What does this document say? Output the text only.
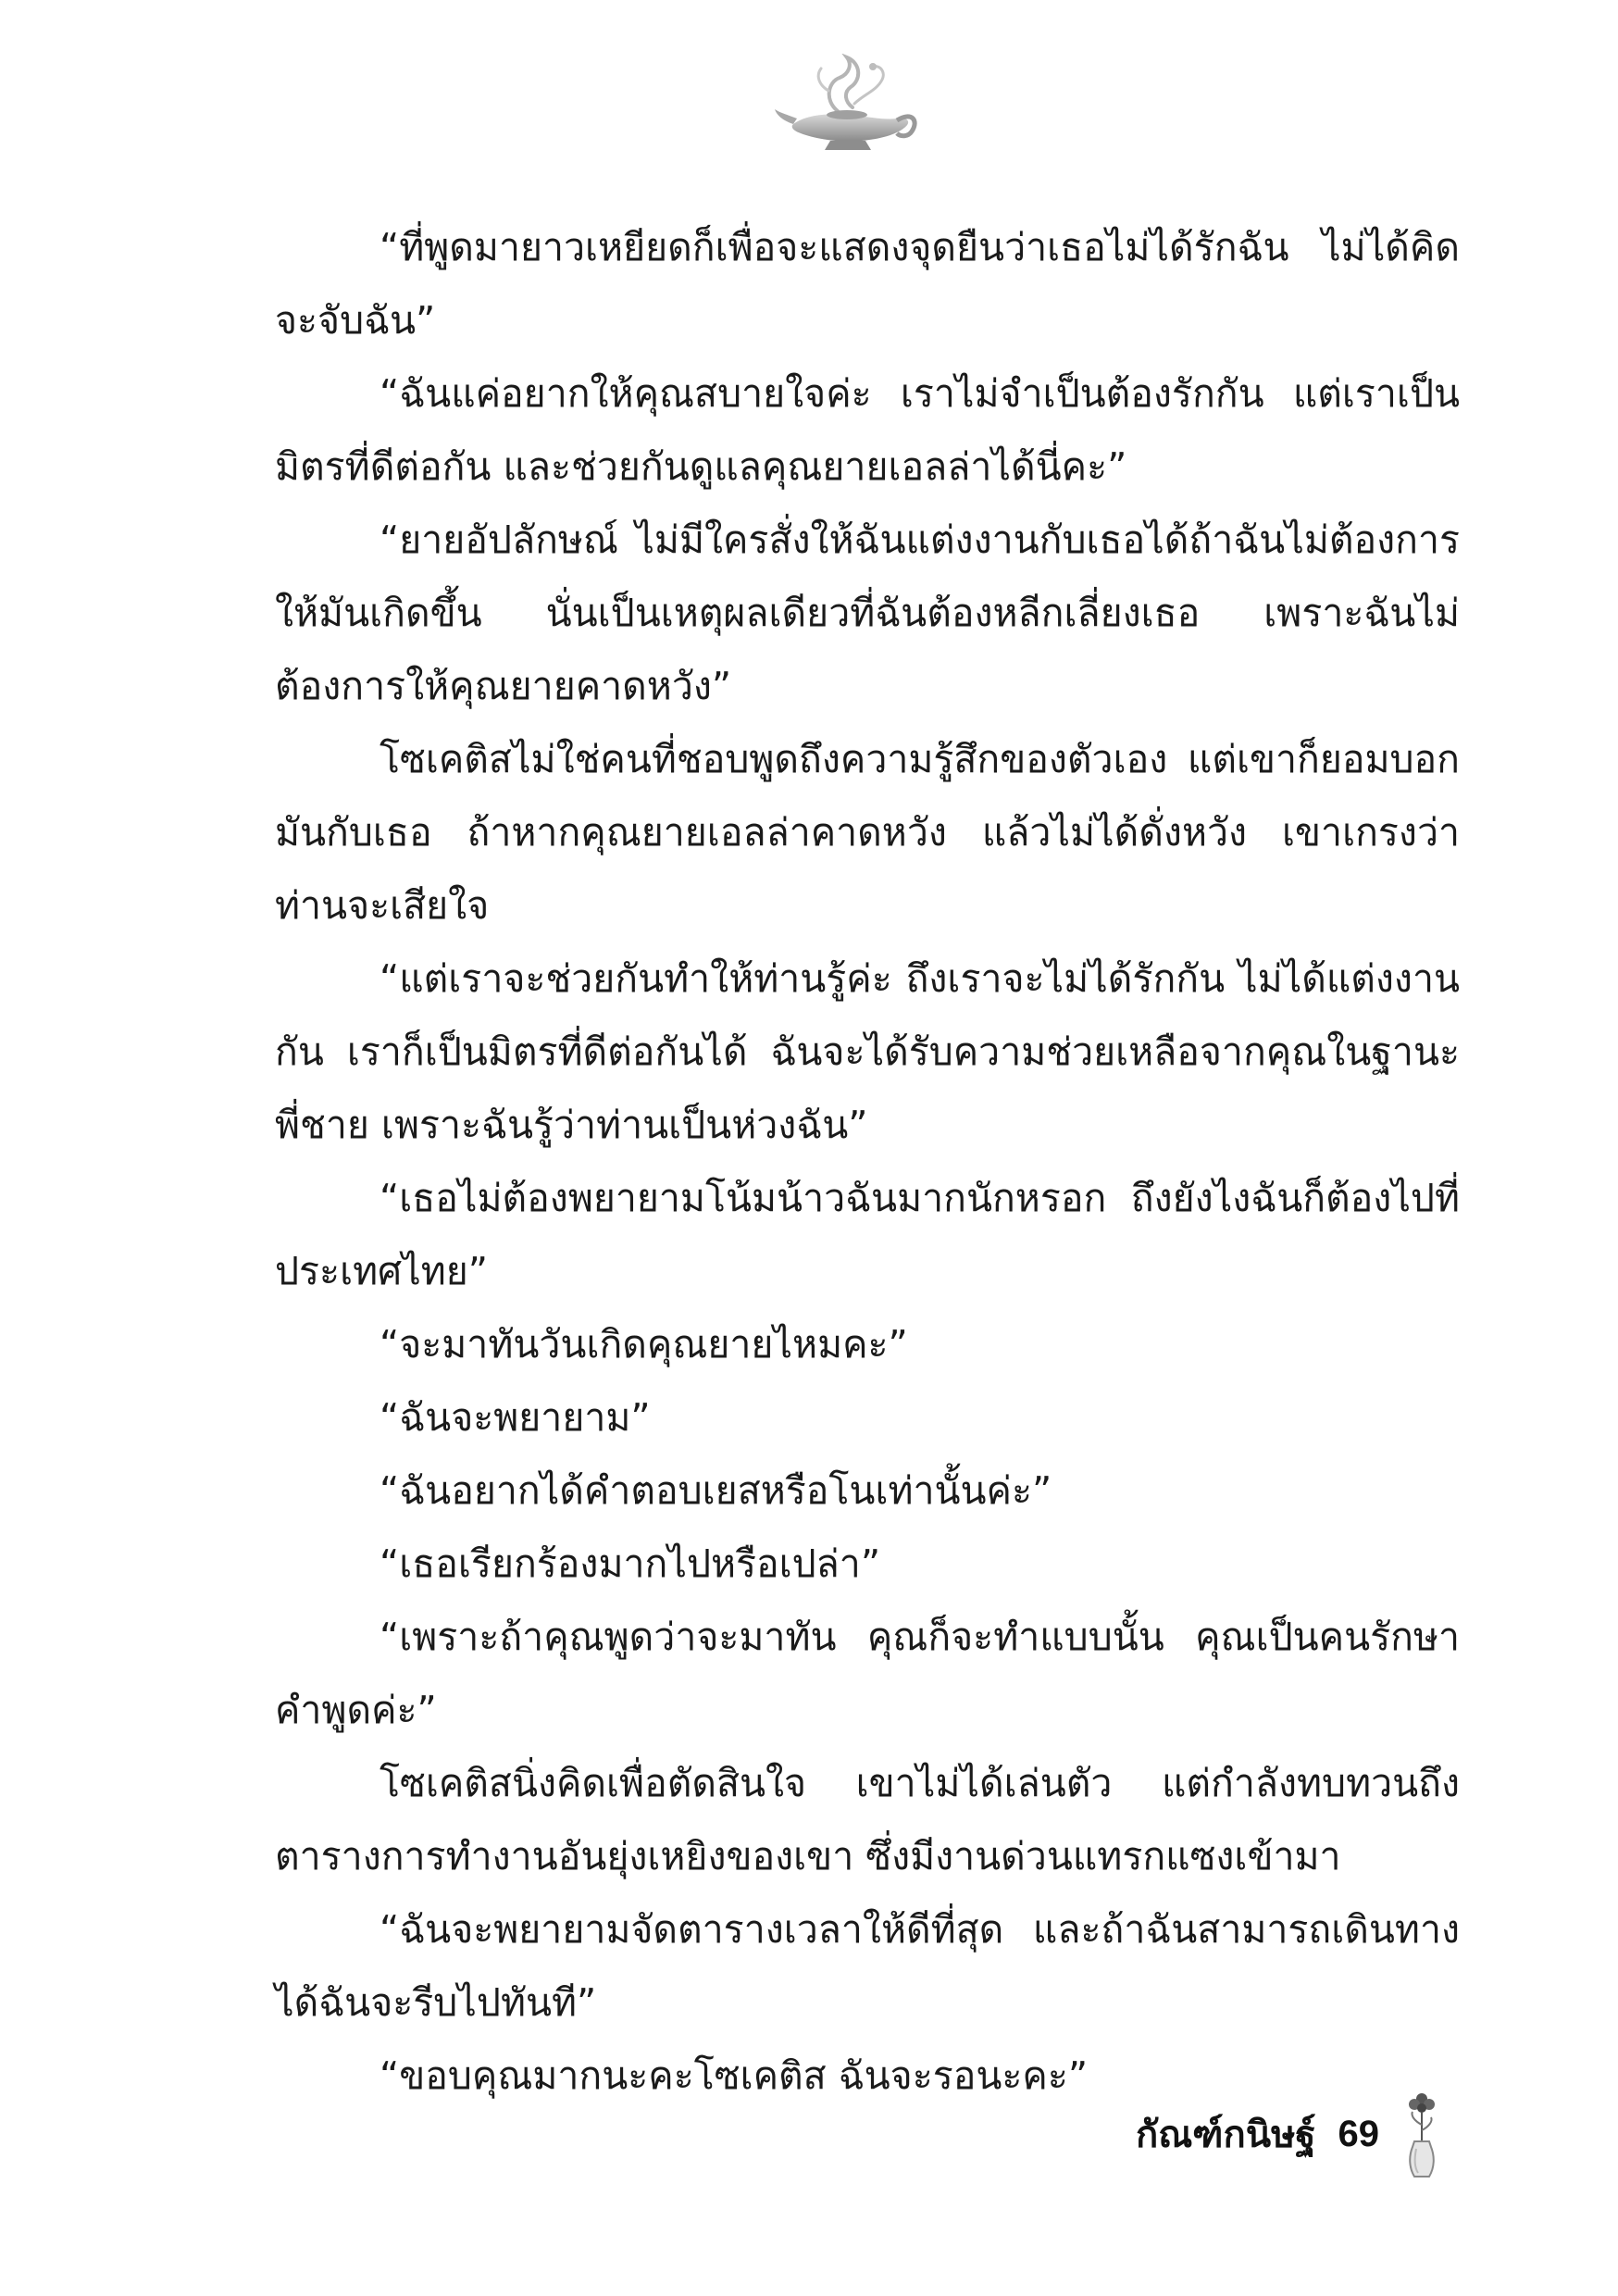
“ที่พูดมายาวเหยียดก็เพื่อจะแสดงจุดยืนว่าเธอไม่ได้รักฉัน ไม่ได้คิดจะจับฉัน”

“ฉันแค่อยากให้คุณสบายใจค่ะ เราไม่จำเป็นต้องรักกัน แต่เราเป็นมิตรที่ดีต่อกัน และช่วยกันดูแลคุณยายเอลล่าได้นี่คะ”

“ยายอัปลักษณ์ ไม่มีใครสั่งให้ฉันแต่งงานกับเธอได้ถ้าฉันไม่ต้องการให้มันเกิดขึ้น นั่นเป็นเหตุผลเดียวที่ฉันต้องหลีกเลี่ยงเธอ เพราะฉันไม่ต้องการให้คุณยายคาดหวัง”

โซเคติสไม่ใช่คนที่ชอบพูดถึงความรู้สึกของตัวเอง แต่เขาก็ยอมบอกมันกับเธอ ถ้าหากคุณยายเอลล่าคาดหวัง แล้วไม่ได้ดั่งหวัง เขาเกรงว่าท่านจะเสียใจ

“แต่เราจะช่วยกันทำให้ท่านรู้ค่ะ ถึงเราจะไม่ได้รักกัน ไม่ได้แต่งงานกัน เราก็เป็นมิตรที่ดีต่อกันได้ ฉันจะได้รับความช่วยเหลือจากคุณในฐานะพี่ชาย เพราะฉันรู้ว่าท่านเป็นห่วงฉัน”

“เธอไม่ต้องพยายามโน้มน้าวฉันมากนักหรอก ถึงยังไงฉันก็ต้องไปที่ประเทศไทย”

“จะมาทันวันเกิดคุณยายไหมคะ”

“ฉันจะพยายาม”

“ฉันอยากได้คำตอบเยสหรือโนเท่านั้นค่ะ”

“เธอเรียกร้องมากไปหรือเปล่า”

“เพราะถ้าคุณพูดว่าจะมาทัน คุณก็จะทำแบบนั้น คุณเป็นคนรักษาคำพูดค่ะ”

โซเคติสนิ่งคิดเพื่อตัดสินใจ เขาไม่ได้เล่นตัว แต่กำลังทบทวนถึงตารางการทำงานอันยุ่งเหยิงของเขา ซึ่งมีงานด่วนแทรกแซงเข้ามา

“ฉันจะพยายามจัดตารางเวลาให้ดีที่สุด และถ้าฉันสามารถเดินทางได้ฉันจะรีบไปทันที”

“ขอบคุณมากนะคะโซเคติส ฉันจะรอนะคะ”

กัณฑ์กนิษฐ์ 69
